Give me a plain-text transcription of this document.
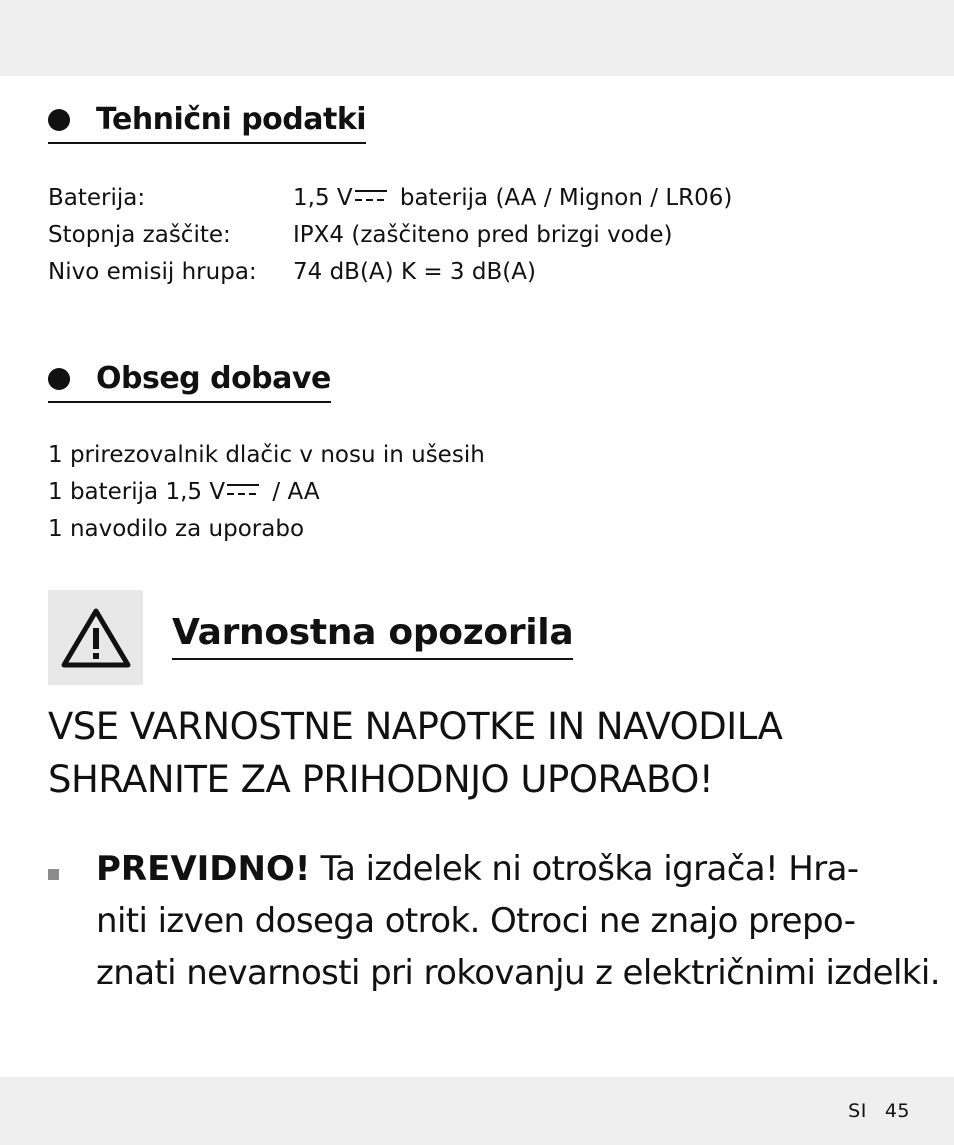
Tehnični podatki
Baterija:	1,5 V baterija (AA / Mignon / LR06)
Stopnja zaščite:	IPX4 (zaščiteno pred brizgi vode)
Nivo emisij hrupa:	74 dB(A) K = 3 dB(A)
Obseg dobave
1 prirezovalnik dlačic v nosu in ušesih
1 baterija 1,5 V / AA
1 navodilo za uporabo
Varnostna opozorila

VSE VARNOSTNE NAPOTKE IN NAVODILA
SHRANITE ZA PRIHODNJO UPORABO!

PREVIDNO! Ta izdelek ni otroška igrača! Hra-
niti izven dosega otrok. Otroci ne znajo prepo-
znati nevarnosti pri rokovanju z električnimi izdelki.

SI 45
